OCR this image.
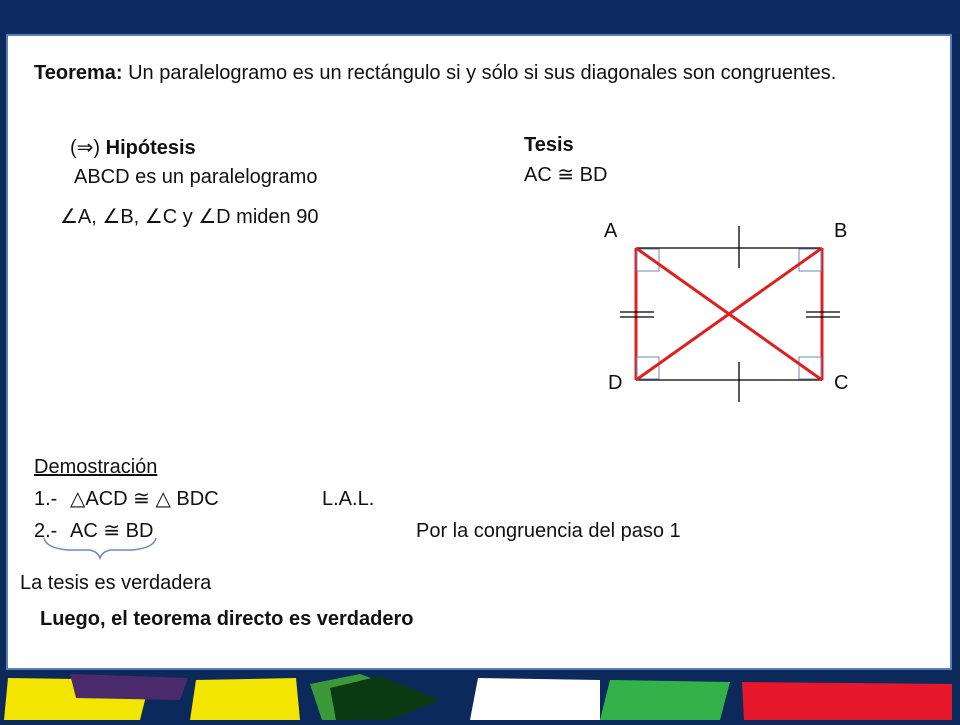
Teorema: Un paralelogramo es un rectángulo si y sólo si sus diagonales son congruentes.
(⇒) Hipótesis
ABCD es un paralelogramo
∠A, ∠B, ∠C y ∠D miden 90
Tesis
AC ≅ BD
Demostración
1.- △ACD ≅ △ BDC	L.A.L.
2.- AC ≅ BD	Por la congruencia del paso 1
La tesis es verdadera
Luego, el teorema directo es verdadero
A	B
D	C
